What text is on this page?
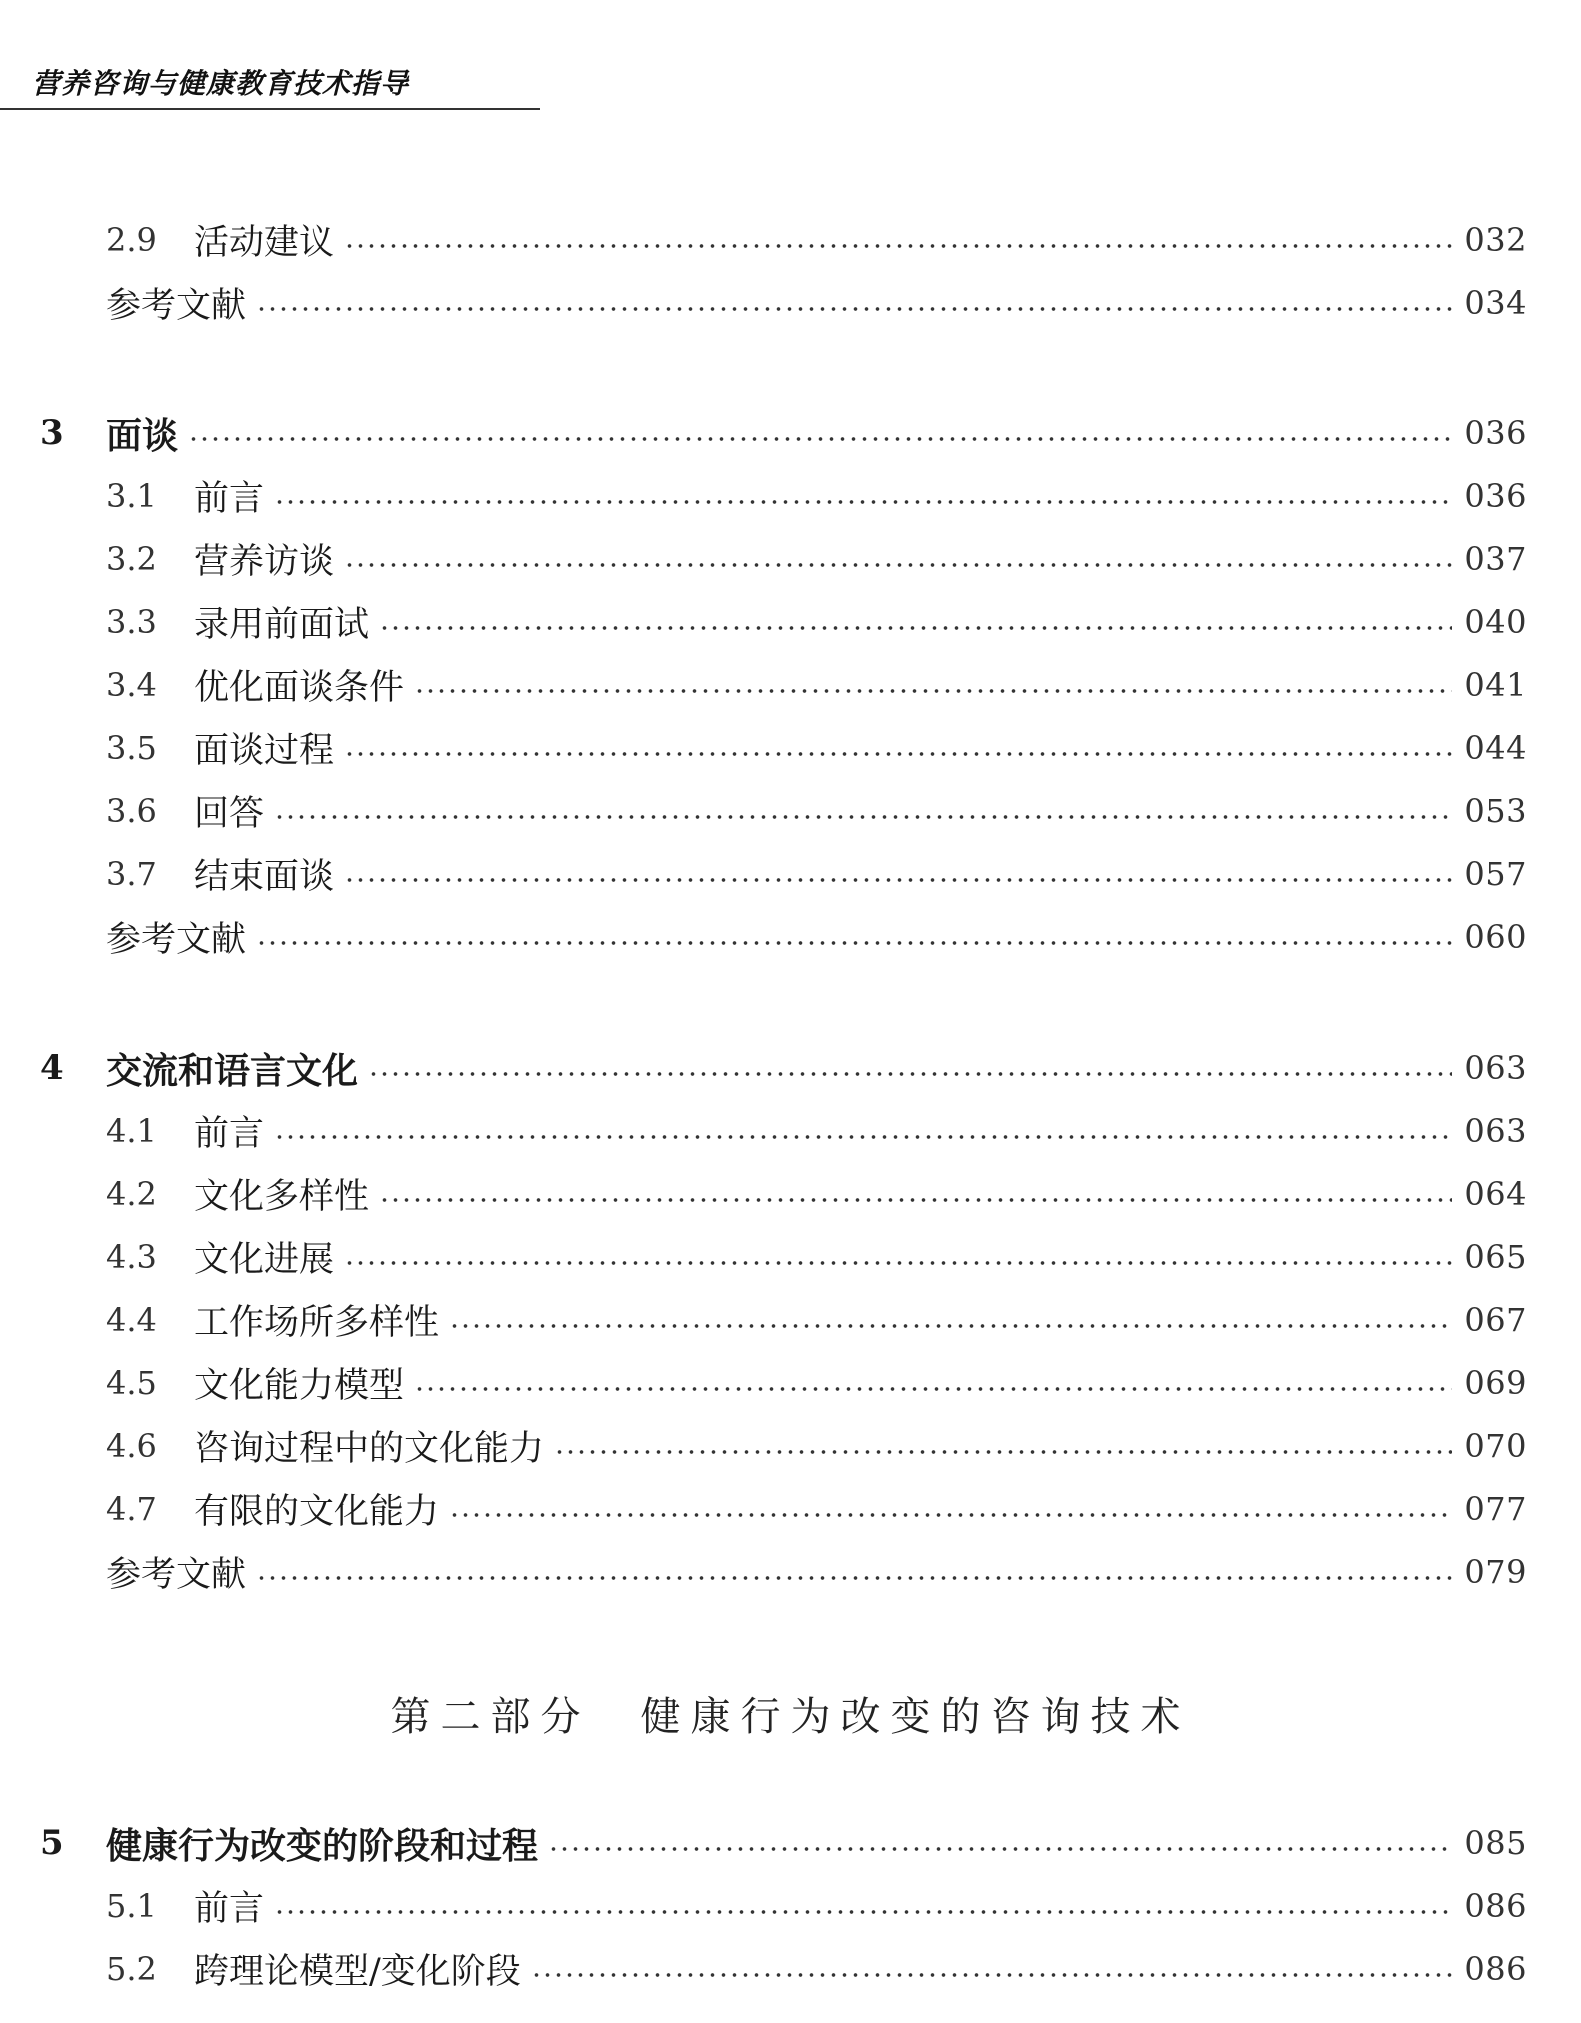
营养咨询与健康教育技术指导
2.9	活动建议	032
参考文献	034
3	面谈	036
3.1	前言	036
3.2	营养访谈	037
3.3	录用前面试	040
3.4	优化面谈条件	041
3.5	面谈过程	044
3.6	回答	053
3.7	结束面谈	057
参考文献	060
4	交流和语言文化	063
4.1	前言	063
4.2	文化多样性	064
4.3	文化进展	065
4.4	工作场所多样性	067
4.5	文化能力模型	069
4.6	咨询过程中的文化能力	070
4.7	有限的文化能力	077
参考文献	079
5	健康行为改变的阶段和过程	085
5.1	前言	086
5.2	跨理论模型/变化阶段	086
第二部分 健康行为改变的咨询技术
